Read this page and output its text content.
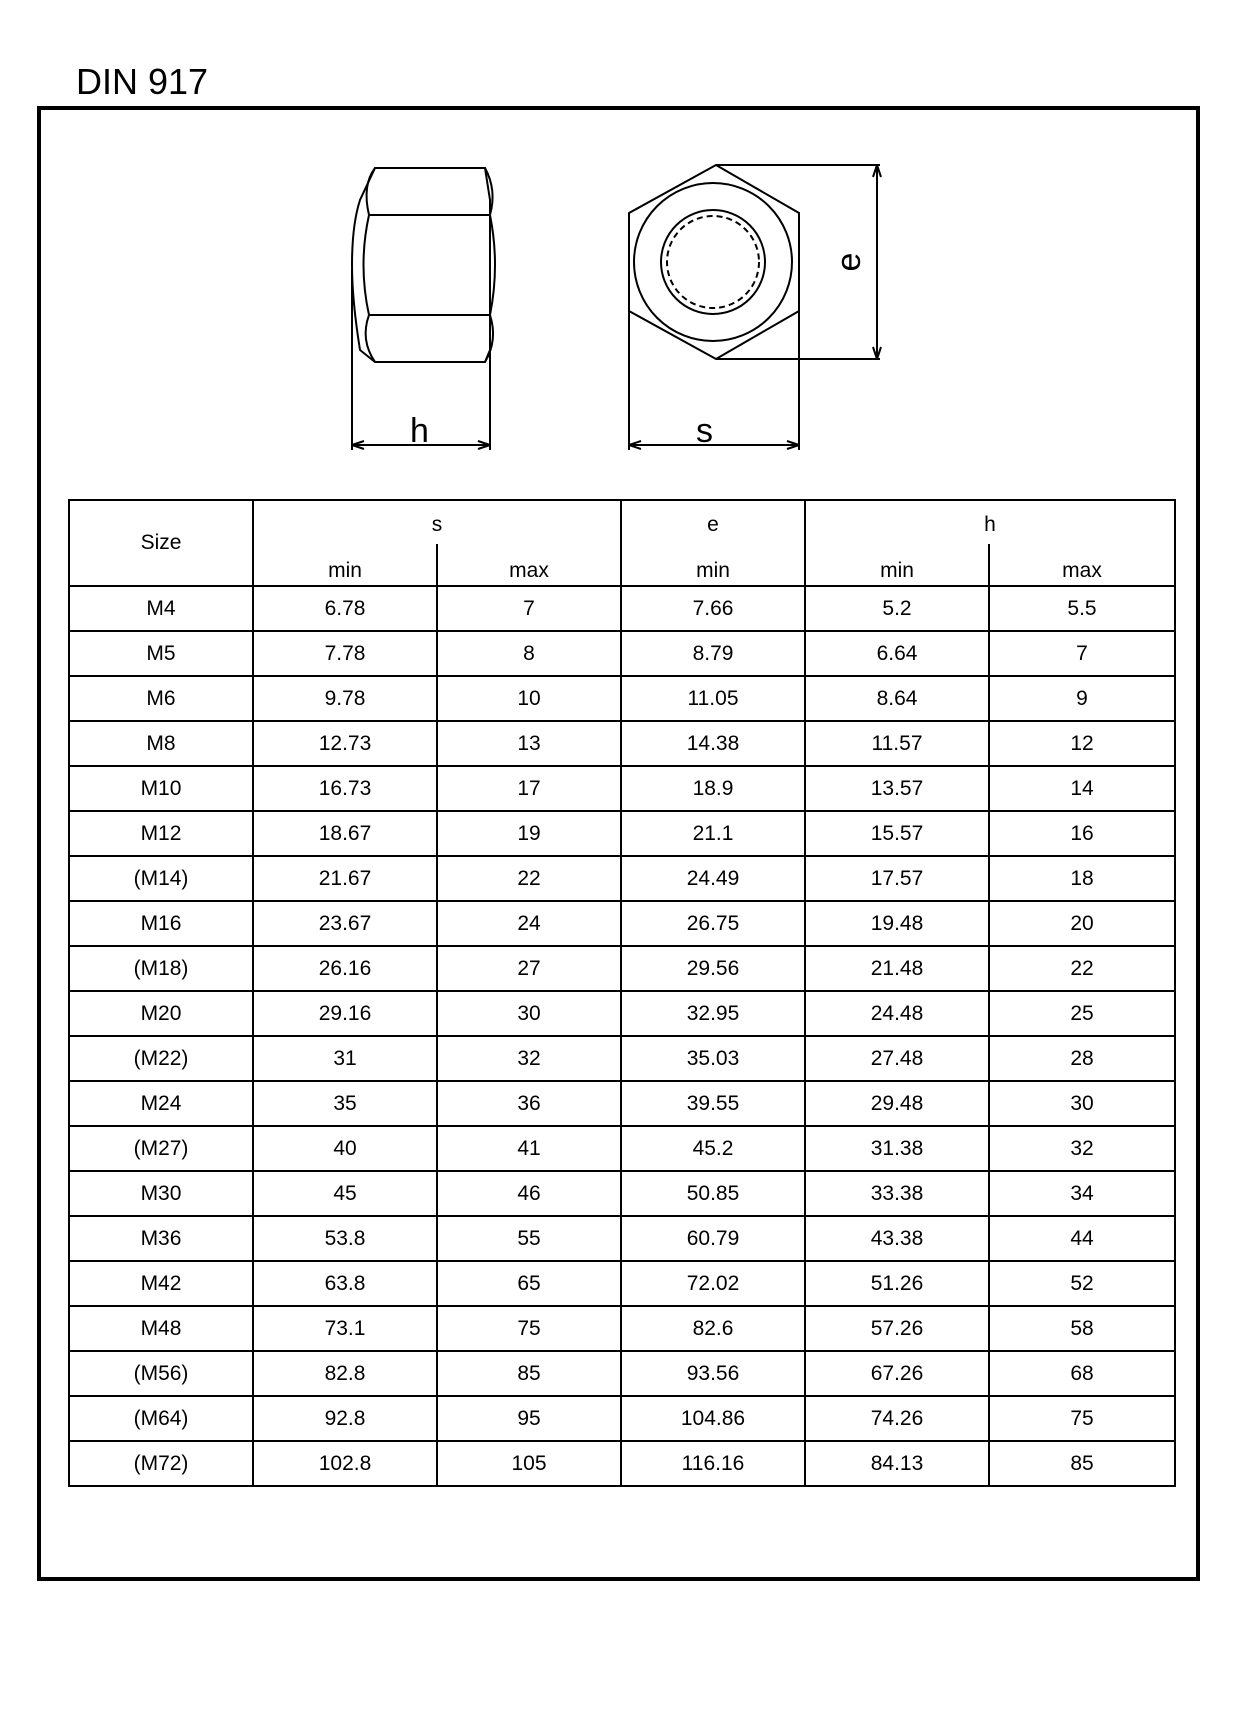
DIN 917
h	s
e
Size	s		e	h	
	min	max	min	min	max
M4	6.78	7	7.66	5.2	5.5
M5	7.78	8	8.79	6.64	7
M6	9.78	10	11.05	8.64	9
M8	12.73	13	14.38	11.57	12
M10	16.73	17	18.9	13.57	14
M12	18.67	19	21.1	15.57	16
(M14)	21.67	22	24.49	17.57	18
M16	23.67	24	26.75	19.48	20
(M18)	26.16	27	29.56	21.48	22
M20	29.16	30	32.95	24.48	25
(M22)	31	32	35.03	27.48	28
M24	35	36	39.55	29.48	30
(M27)	40	41	45.2	31.38	32
M30	45	46	50.85	33.38	34
M36	53.8	55	60.79	43.38	44
M42	63.8	65	72.02	51.26	52
M48	73.1	75	82.6	57.26	58
(M56)	82.8	85	93.56	67.26	68
(M64)	92.8	95	104.86	74.26	75
(M72)	102.8	105	116.16	84.13	85
